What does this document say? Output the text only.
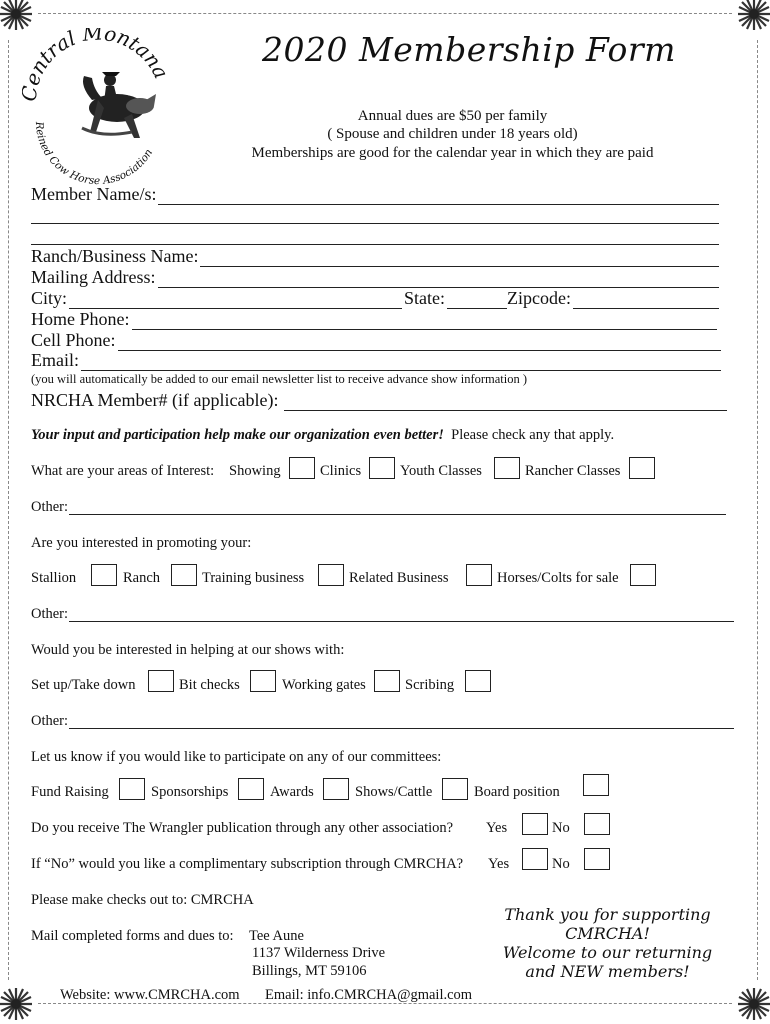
entral Montana
Reined Cow Horse Association
2020 Membership Form
Annual dues are $50 per family
( Spouse and children under 18 years old)
Memberships are good for the calendar year in which they are paid
Member Name/s:
Ranch/Business Name:
Mailing Address:
City:	State:	Zipcode:
Home Phone:
Cell Phone:
Email:
(you will automatically be added to our email newsletter list to receive advance show information )
NRCHA Member# (if applicable):
Your input and participation help make our organization even better! Please check any that apply.
What are your areas of Interest: Showing	Clinics	Youth Classes	Rancher Classes
Other:
Are you interested in promoting your:
Stallion	Ranch	Training business	Related Business	Horses/Colts for sale
Other:
Would you be interested in helping at our shows with:
Set up/Take down	Bit checks	Working gates	Scribing
Other:
Let us know if you would like to participate on any of our committees:
Fund Raising	Sponsorships	Awards	Shows/Cattle	Board position
Do you receive The Wrangler publication through any other association? Yes	No
If “No” would you like a complimentary subscription through CMRCHA? Yes	No
Please make checks out to: CMRCHA
Mail completed forms and dues to: Tee Aune
1137 Wilderness Drive
Billings, MT 59106
Thank you for supporting
CMRCHA!
Welcome to our returning
and NEW members!
Website: www.CMRCHA.com Email: info.CMRCHA@gmail.com
